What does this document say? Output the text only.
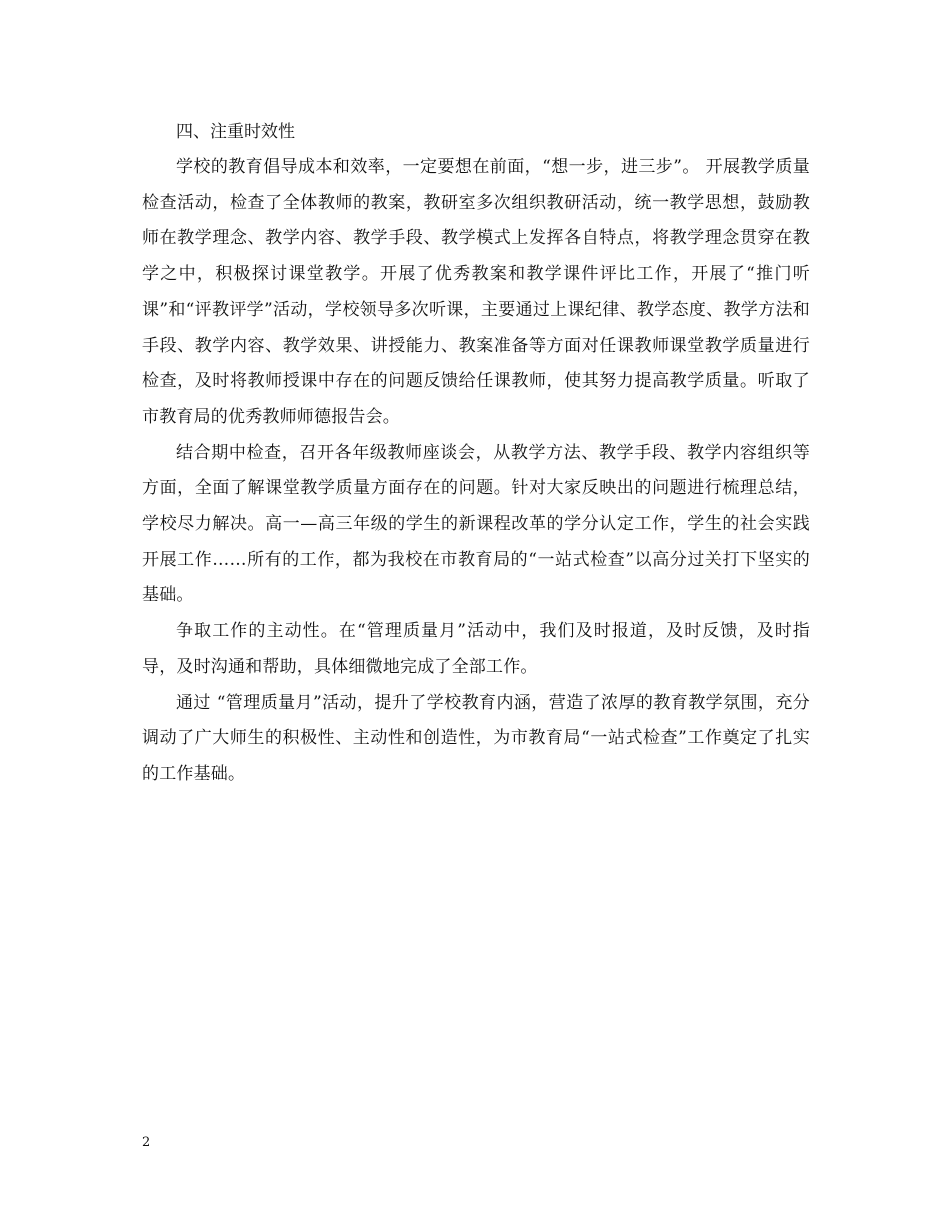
四、注重时效性

学校的教育倡导成本和效率，一定要想在前面，“想一步，进三步”。 开展教学质量检查活动，检查了全体教师的教案，教研室多次组织教研活动，统一教学思想，鼓励教师在教学理念、教学内容、教学手段、教学模式上发挥各自特点，将教学理念贯穿在教学之中，积极探讨课堂教学。开展了优秀教案和教学课件评比工作，开展了“推门听课”和“评教评学”活动，学校领导多次听课，主要通过上课纪律、教学态度、教学方法和手段、教学内容、教学效果、讲授能力、教案准备等方面对任课教师课堂教学质量进行检查，及时将教师授课中存在的问题反馈给任课教师，使其努力提高教学质量。听取了市教育局的优秀教师师德报告会。

结合期中检查，召开各年级教师座谈会，从教学方法、教学手段、教学内容组织等方面，全面了解课堂教学质量方面存在的问题。针对大家反映出的问题进行梳理总结，学校尽力解决。高一—高三年级的学生的新课程改革的学分认定工作，学生的社会实践开展工作……所有的工作，都为我校在市教育局的“一站式检查”以高分过关打下坚实的基础。

争取工作的主动性。在“管理质量月”活动中，我们及时报道，及时反馈，及时指导，及时沟通和帮助，具体细微地完成了全部工作。

通过 “管理质量月”活动，提升了学校教育内涵，营造了浓厚的教育教学氛围，充分调动了广大师生的积极性、主动性和创造性，为市教育局“一站式检查”工作奠定了扎实的工作基础。

2
